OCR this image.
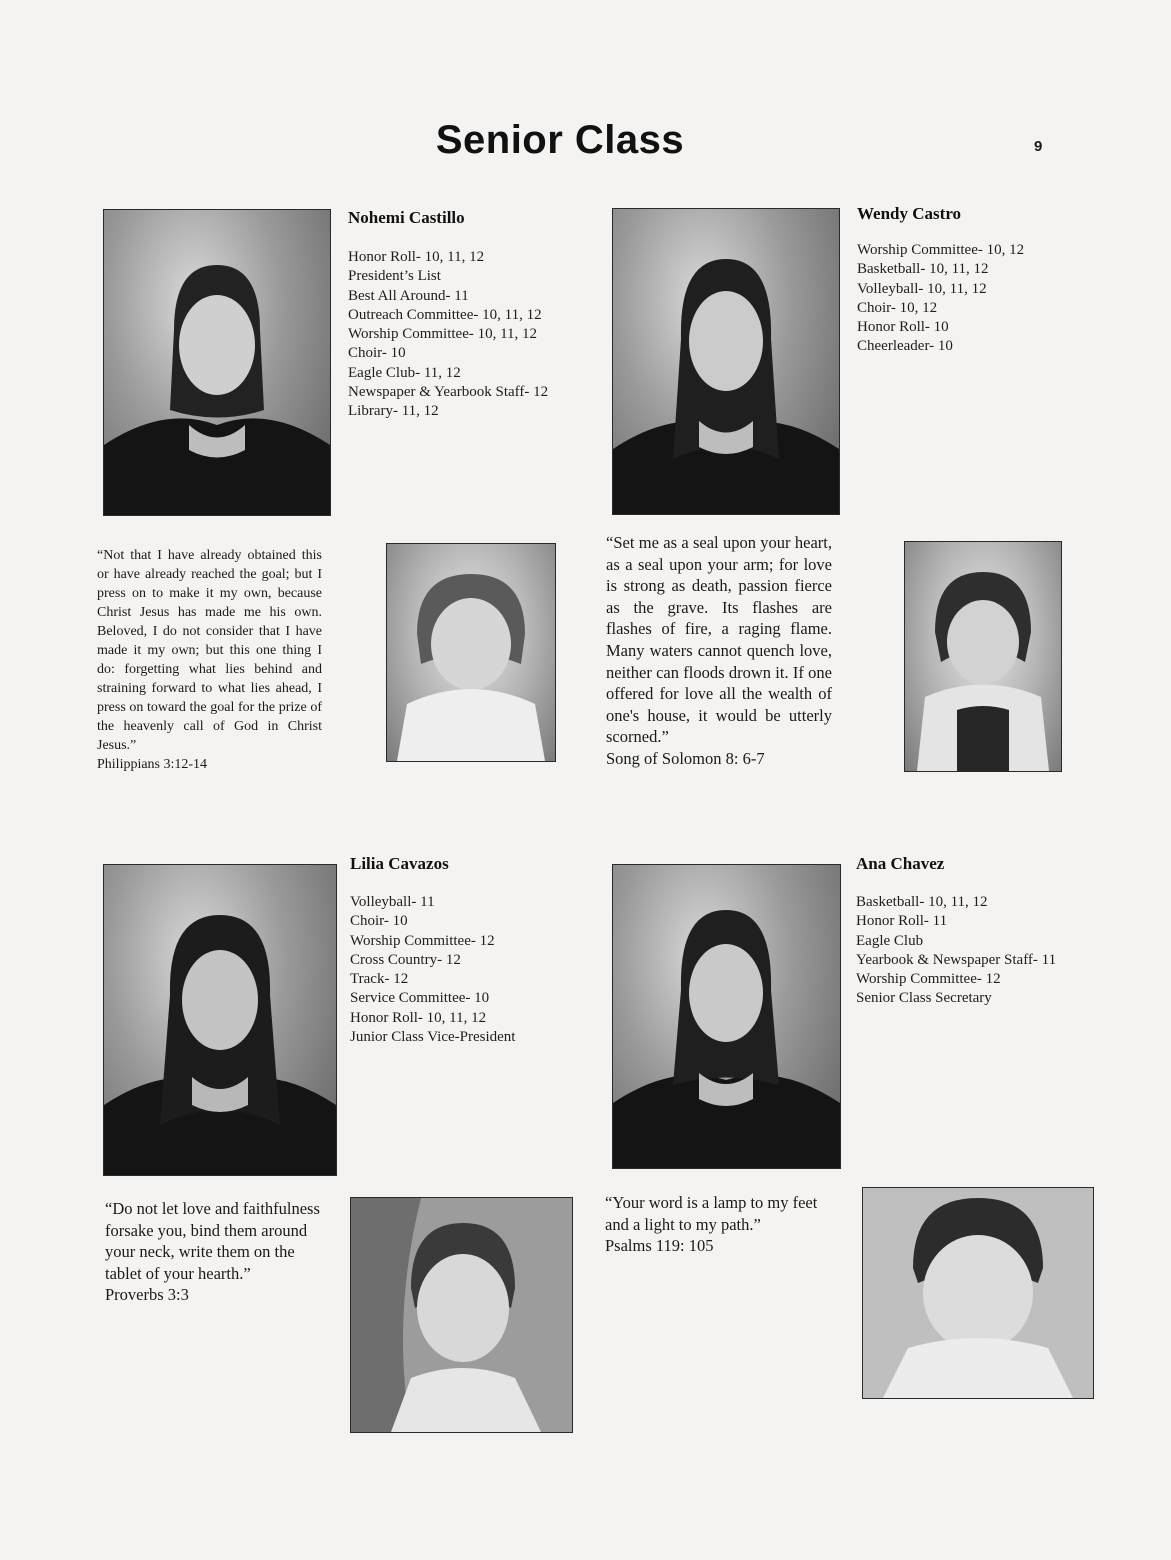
Senior Class	9
Nohemi Castillo
Honor Roll- 10, 11, 12
President’s List
Best All Around- 11
Outreach Committee- 10, 11, 12
Worship Committee- 10, 11, 12
Choir- 10
Eagle Club- 11, 12
Newspaper & Yearbook Staff- 12
Library- 11, 12
“Not that I have already obtained this or have already reached the goal; but I press on to make it my own, because Christ Jesus has made me his own. Beloved, I do not consider that I have made it my own; but this one thing I do: forgetting what lies behind and straining forward to what lies ahead, I press on toward the goal for the prize of the heavenly call of God in Christ Jesus.”
Philippians 3:12-14
Wendy Castro
Worship Committee- 10, 12
Basketball- 10, 11, 12
Volleyball- 10, 11, 12
Choir- 10, 12
Honor Roll- 10
Cheerleader- 10
“Set me as a seal upon your heart, as a seal upon your arm; for love is strong as death, passion fierce as the grave. Its flashes are flashes of fire, a raging flame. Many waters cannot quench love, neither can floods drown it. If one offered for love all the wealth of one's house, it would be utterly scorned.”
Song of Solomon 8: 6-7
Lilia Cavazos
Volleyball- 11
Choir- 10
Worship Committee- 12
Cross Country- 12
Track- 12
Service Committee- 10
Honor Roll- 10, 11, 12
Junior Class Vice-President
“Do not let love and faithfulness forsake you, bind them around your neck, write them on the tablet of your hearth.”
Proverbs 3:3
Ana Chavez
Basketball- 10, 11, 12
Honor Roll- 11
Eagle Club
Yearbook & Newspaper Staff- 11
Worship Committee- 12
Senior Class Secretary
“Your word is a lamp to my feet and a light to my path.”
Psalms 119: 105
